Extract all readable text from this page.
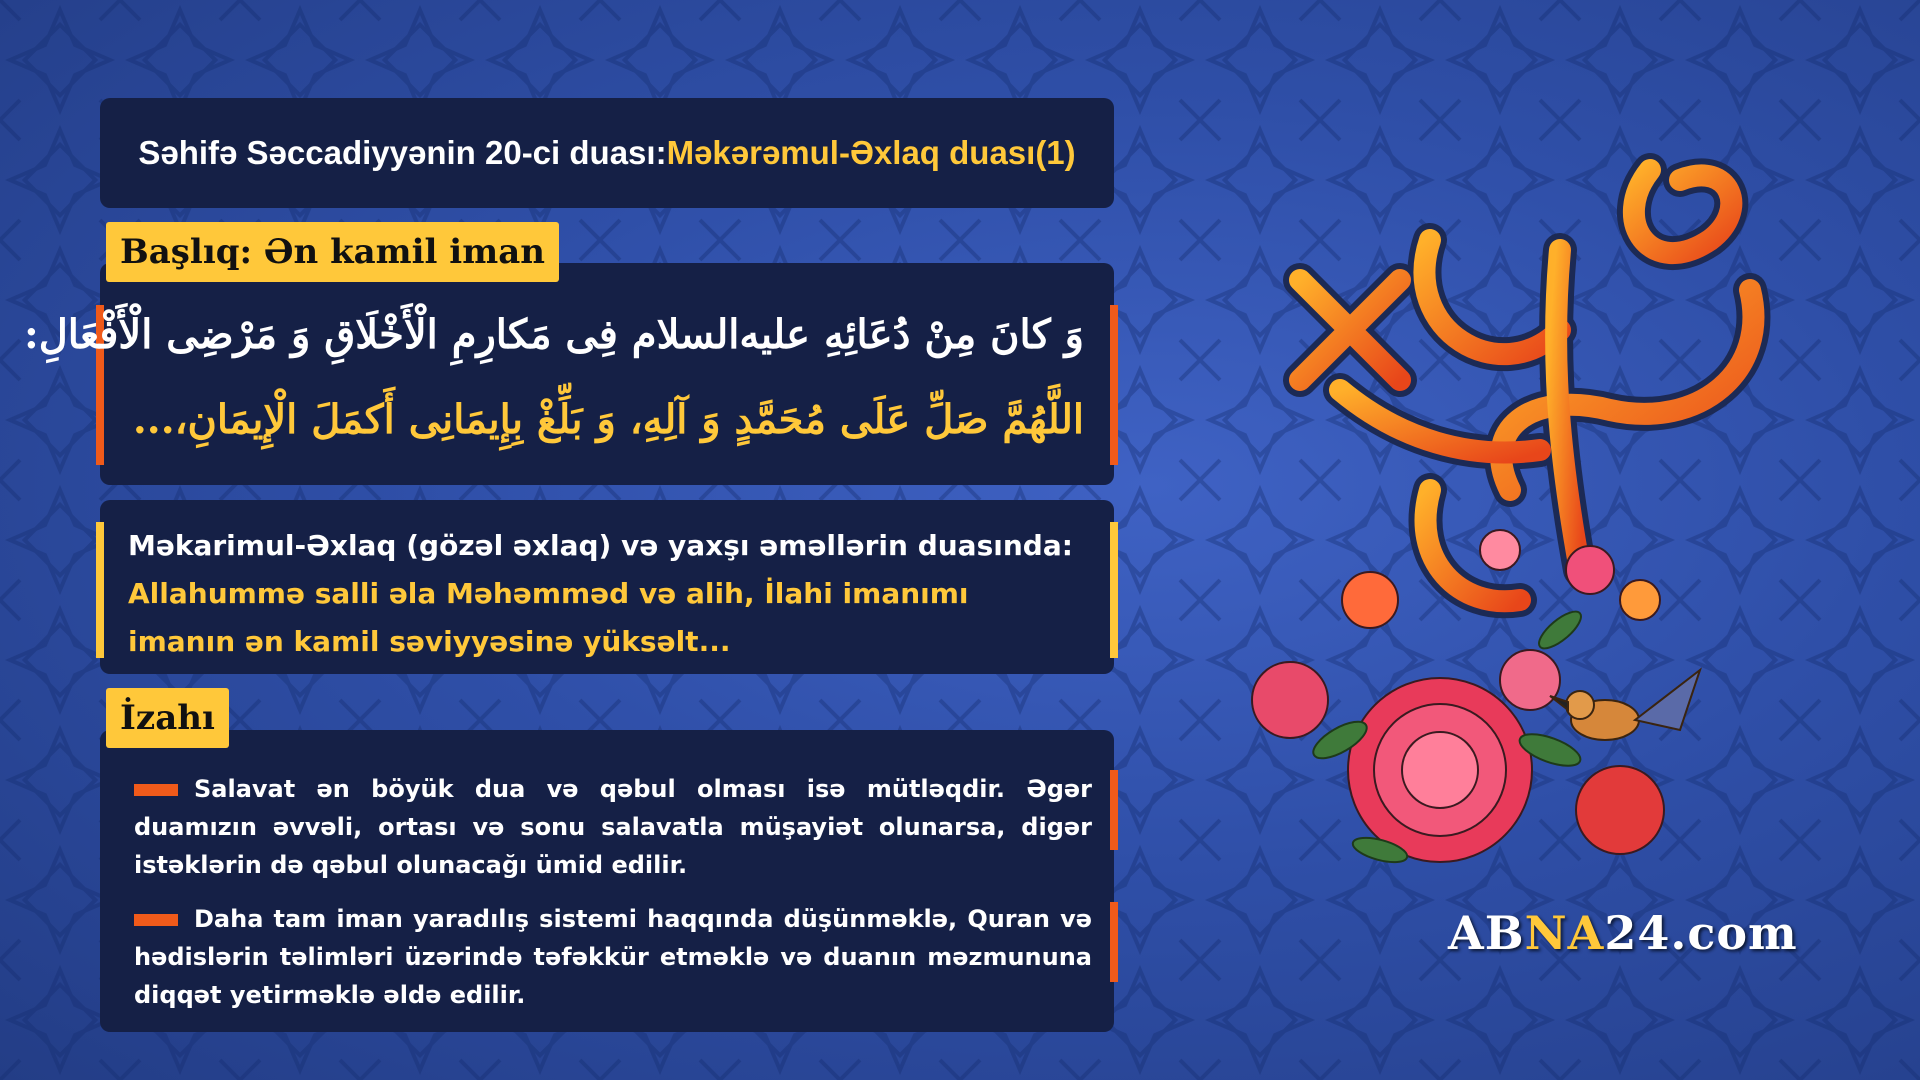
Səhifə Səccadiyyənin 20-ci duası: Məkərəmul-Əxlaq duası(1)
وَ كانَ مِنْ دُعَائِهِ عليه‌السلام فِی مَكارِمِ الْأَخْلَاقِ وَ مَرْضِی الْأَفْعَالِ:
اللَّهُمَّ صَلِّ عَلَى مُحَمَّدٍ وَ آلِهِ، وَ بَلِّغْ بِإِيمَانِی أَكمَلَ الْإِيمَانِ،...
Başlıq: Ən kamil iman

Məkarimul-Əxlaq (gözəl əxlaq) və yaxşı əməllərin duasında:

Allahummə salli əla Məhəmməd və alih, İlahi imanımı imanın ən kamil səviyyəsinə yüksəlt...

Salavat ən böyük dua və qəbul olması isə mütləqdir. Əgər duamızın əvvəli, ortası və sonu salavatla müşayiət olunarsa, digər istəklərin də qəbul olunacağı ümid edilir.
Daha tam iman yaradılış sistemi haqqında düşünməklə, Quran və hədislərin təlimləri üzərində təfəkkür etməklə və duanın məzmununa diqqət yetirməklə əldə edilir.
İzahı
ABNA24.com
